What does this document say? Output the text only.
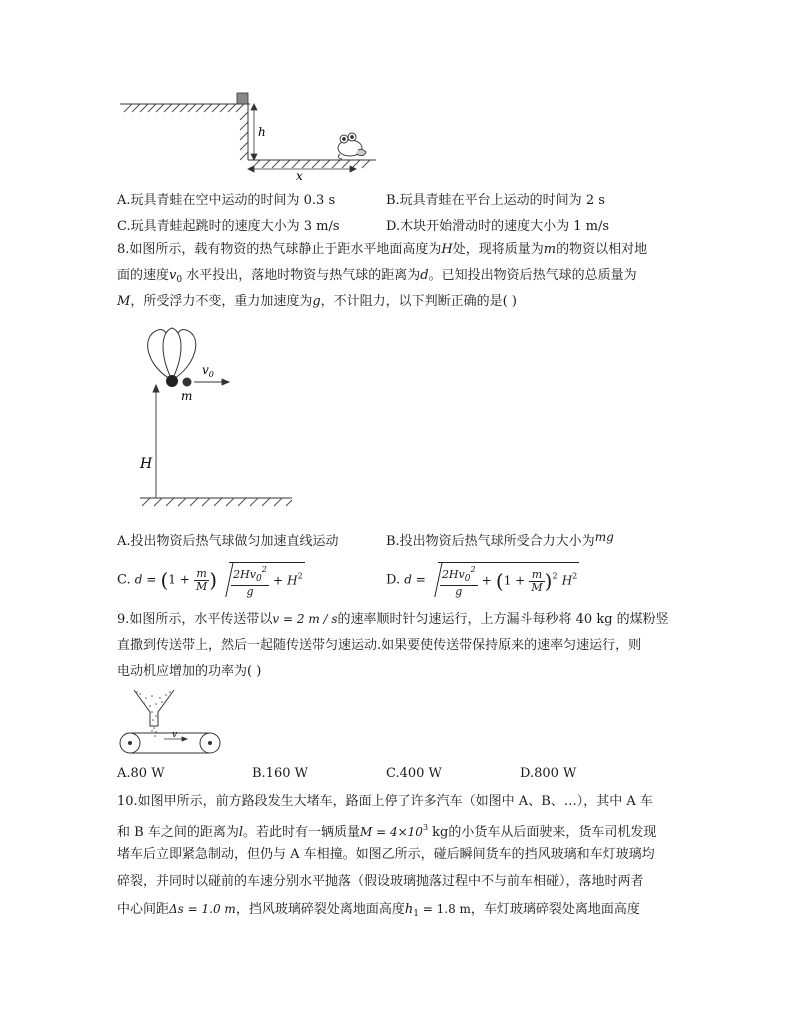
h
x
A.玩具青蛙在空中运动的时间为 0.3 s	B.玩具青蛙在平台上运动的时间为 2 s
C.玩具青蛙起跳时的速度大小为 3 m/s	D.木块开始滑动时的速度大小为 1 m/s
8.如图所示，载有物资的热气球静止于距水平地面高度为H处，现将质量为m的物资以相对地
面的速度$v_0$ 水平投出，落地时物资与热气球的距离为d。已知投出物资后热气球的总质量为
M，所受浮力不变，重力加速度为g，不计阻力，以下判断正确的是( )
$v_0$
m
H
A.投出物资后热气球做匀加速直线运动	B.投出物资后热气球所受合力大小为mg
C. $d = (1 + \frac{m}{M}$ ) $\frac{2Hv_0^2}{g} + H^2$	D. $d = \frac{2Hv_0^2}{g} + (1 + \frac{m}{M} )^2$ $H^2$
9.如图所示，水平传送带以v = 2 m / s的速率顺时针匀速运行，上方漏斗每秒将 40 kg 的煤粉竖
直撒到传送带上，然后一起随传送带匀速运动.如果要使传送带保持原来的速率匀速运行，则
电动机应增加的功率为( )
v
A.80 W	B.160 W	C.400 W	D.800 W
10.如图甲所示，前方路段发生大堵车，路面上停了许多汽车（如图中 A、B、…），其中 A 车
和 B 车之间的距离为l。若此时有一辆质量$M = 4\times 10^3$ kg的小货车从后面驶来，货车司机发现
堵车后立即紧急制动，但仍与 A 车相撞。如图乙所示，碰后瞬间货车的挡风玻璃和车灯玻璃均
碎裂，并同时以碰前的车速分别水平抛落（假设玻璃抛落过程中不与前车相碰），落地时两者
中心间距Δs = 1.0 m，挡风玻璃碎裂处离地面高度$h_1 = 1.8$ m，车灯玻璃碎裂处离地面高度
